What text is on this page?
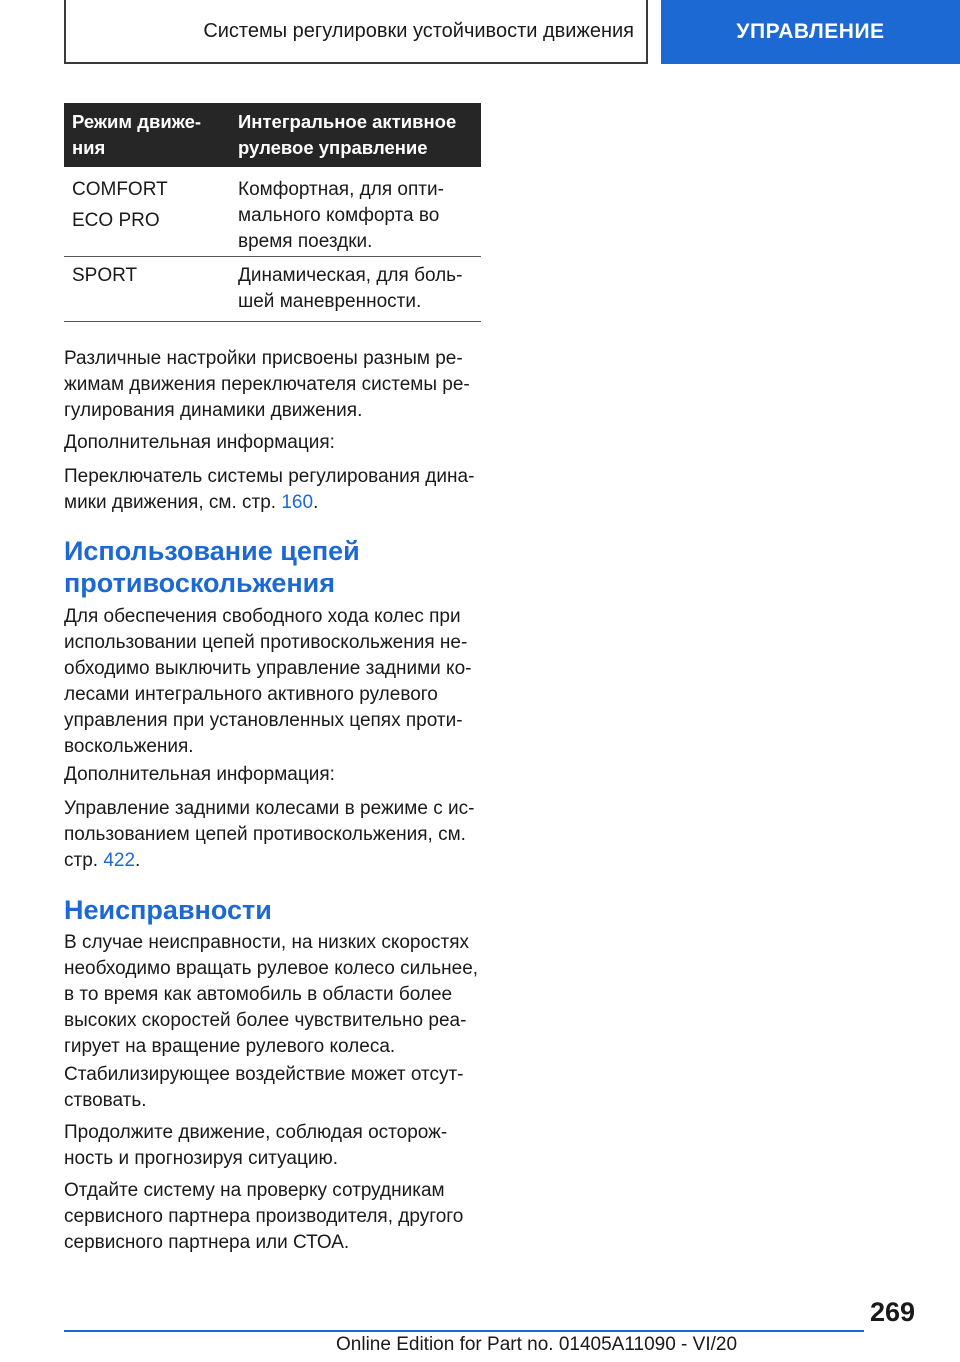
Системы регулировки устойчивости движения	УПРАВЛЕНИЕ
Режим движе-
ния
Интегральное активное рулевое управление
COMFORT
ECO PRO
Комфортная, для опти-
мального комфорта во
время поездки.
SPORT	Динамическая, для боль-
шей маневренности.

Различные настройки присвоены разным ре-
жимам движения переключателя системы ре-
гулирования динамики движения.

Дополнительная информация:

Переключатель системы регулирования дина-
мики движения, см. стр. 160.

Использование цепей
противоскольжения

Для обеспечения свободного хода колес при
использовании цепей противоскольжения не-
обходимо выключить управление задними ко-
лесами интегрального активного рулевого
управления при установленных цепях проти-
воскольжения.

Дополнительная информация:

Управление задними колесами в режиме с ис-
пользованием цепей противоскольжения, см.
стр. 422.

Неисправности

В случае неисправности, на низких скоростях
необходимо вращать рулевое колесо сильнее,
в то время как автомобиль в области более
высоких скоростей более чувствительно реа-
гирует на вращение рулевого колеса.

Стабилизирующее воздействие может отсут-
ствовать.

Продолжите движение, соблюдая осторож-
ность и прогнозируя ситуацию.

Отдайте систему на проверку сотрудникам
сервисного партнера производителя, другого
сервисного партнера или СТОА.

269
Online Edition for Part no. 01405A11090 - VI/20
